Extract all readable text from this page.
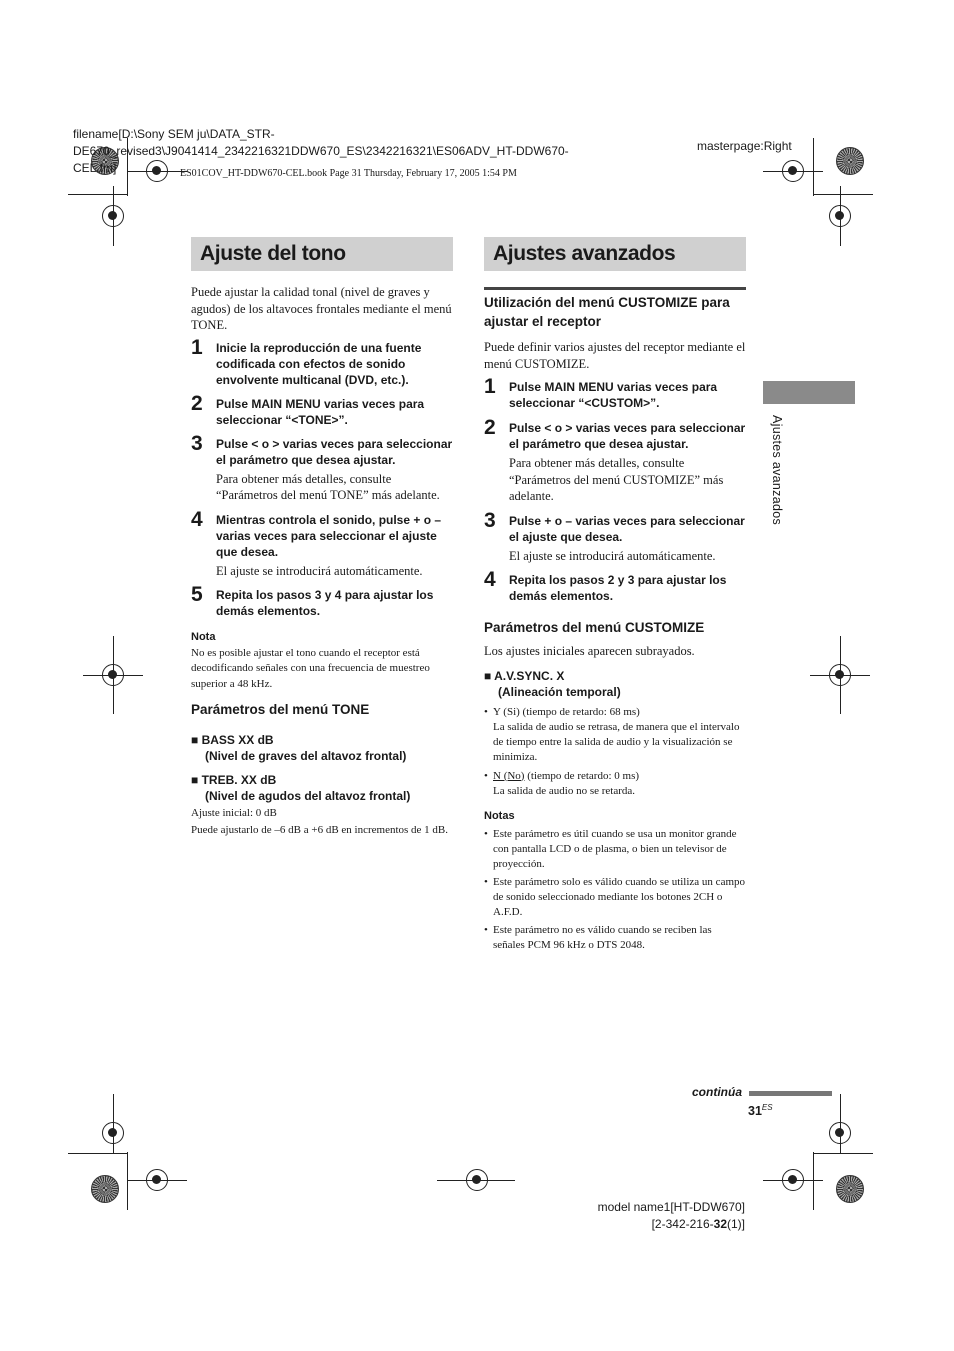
filename[D:\Sony SEM ju\DATA_STR-
DE670_revised3\J9041414_2342216321DDW670_ES\2342216321\ES06ADV_HT-DDW670-
CEL.fm]
masterpage:Right
ES01COV_HT-DDW670-CEL.book Page 31 Thursday, February 17, 2005 1:54 PM
Ajuste del tono
Puede ajustar la calidad tonal (nivel de graves y agudos) de los altavoces frontales mediante el menú TONE.
1 Inicie la reproducción de una fuente codificada con efectos de sonido envolvente multicanal (DVD, etc.).
2 Pulse MAIN MENU varias veces para seleccionar “<TONE>”.
3 Pulse < o > varias veces para seleccionar el parámetro que desea ajustar.
Para obtener más detalles, consulte “Parámetros del menú TONE” más adelante.
4 Mientras controla el sonido, pulse + o – varias veces para seleccionar el ajuste que desea.
El ajuste se introducirá automáticamente.
5 Repita los pasos 3 y 4 para ajustar los demás elementos.
Nota
No es posible ajustar el tono cuando el receptor está decodificando señales con una frecuencia de muestreo superior a 48 kHz.
Parámetros del menú TONE
■ BASS XX dB
(Nivel de graves del altavoz frontal)
■ TREB. XX dB
(Nivel de agudos del altavoz frontal)
Ajuste inicial: 0 dB
Puede ajustarlo de –6 dB a +6 dB en incrementos de 1 dB.
Ajustes avanzados
Utilización del menú CUSTOMIZE para ajustar el receptor
Puede definir varios ajustes del receptor mediante el menú CUSTOMIZE.
1 Pulse MAIN MENU varias veces para seleccionar “<CUSTOM>”.
2 Pulse < o > varias veces para seleccionar el parámetro que desea ajustar.
Para obtener más detalles, consulte “Parámetros del menú CUSTOMIZE” más adelante.
3 Pulse + o – varias veces para seleccionar el ajuste que desea.
El ajuste se introducirá automáticamente.
4 Repita los pasos 2 y 3 para ajustar los demás elementos.
Parámetros del menú CUSTOMIZE
Los ajustes iniciales aparecen subrayados.
■ A.V.SYNC. X
(Alineación temporal)
• Y (Si) (tiempo de retardo: 68 ms)
La salida de audio se retrasa, de manera que el intervalo de tiempo entre la salida de audio y la visualización se minimiza.
• N (No) (tiempo de retardo: 0 ms)
La salida de audio no se retarda.
Notas
• Este parámetro es útil cuando se usa un monitor grande con pantalla LCD o de plasma, o bien un televisor de proyección.
• Este parámetro solo es válido cuando se utiliza un campo de sonido seleccionado mediante los botones 2CH o A.F.D.
• Este parámetro no es válido cuando se reciben las señales PCM 96 kHz o DTS 2048.
Ajustes avanzados
continúa
$31^{ES}$
model name1[HT-DDW670]
[2-342-216-32(1)]
